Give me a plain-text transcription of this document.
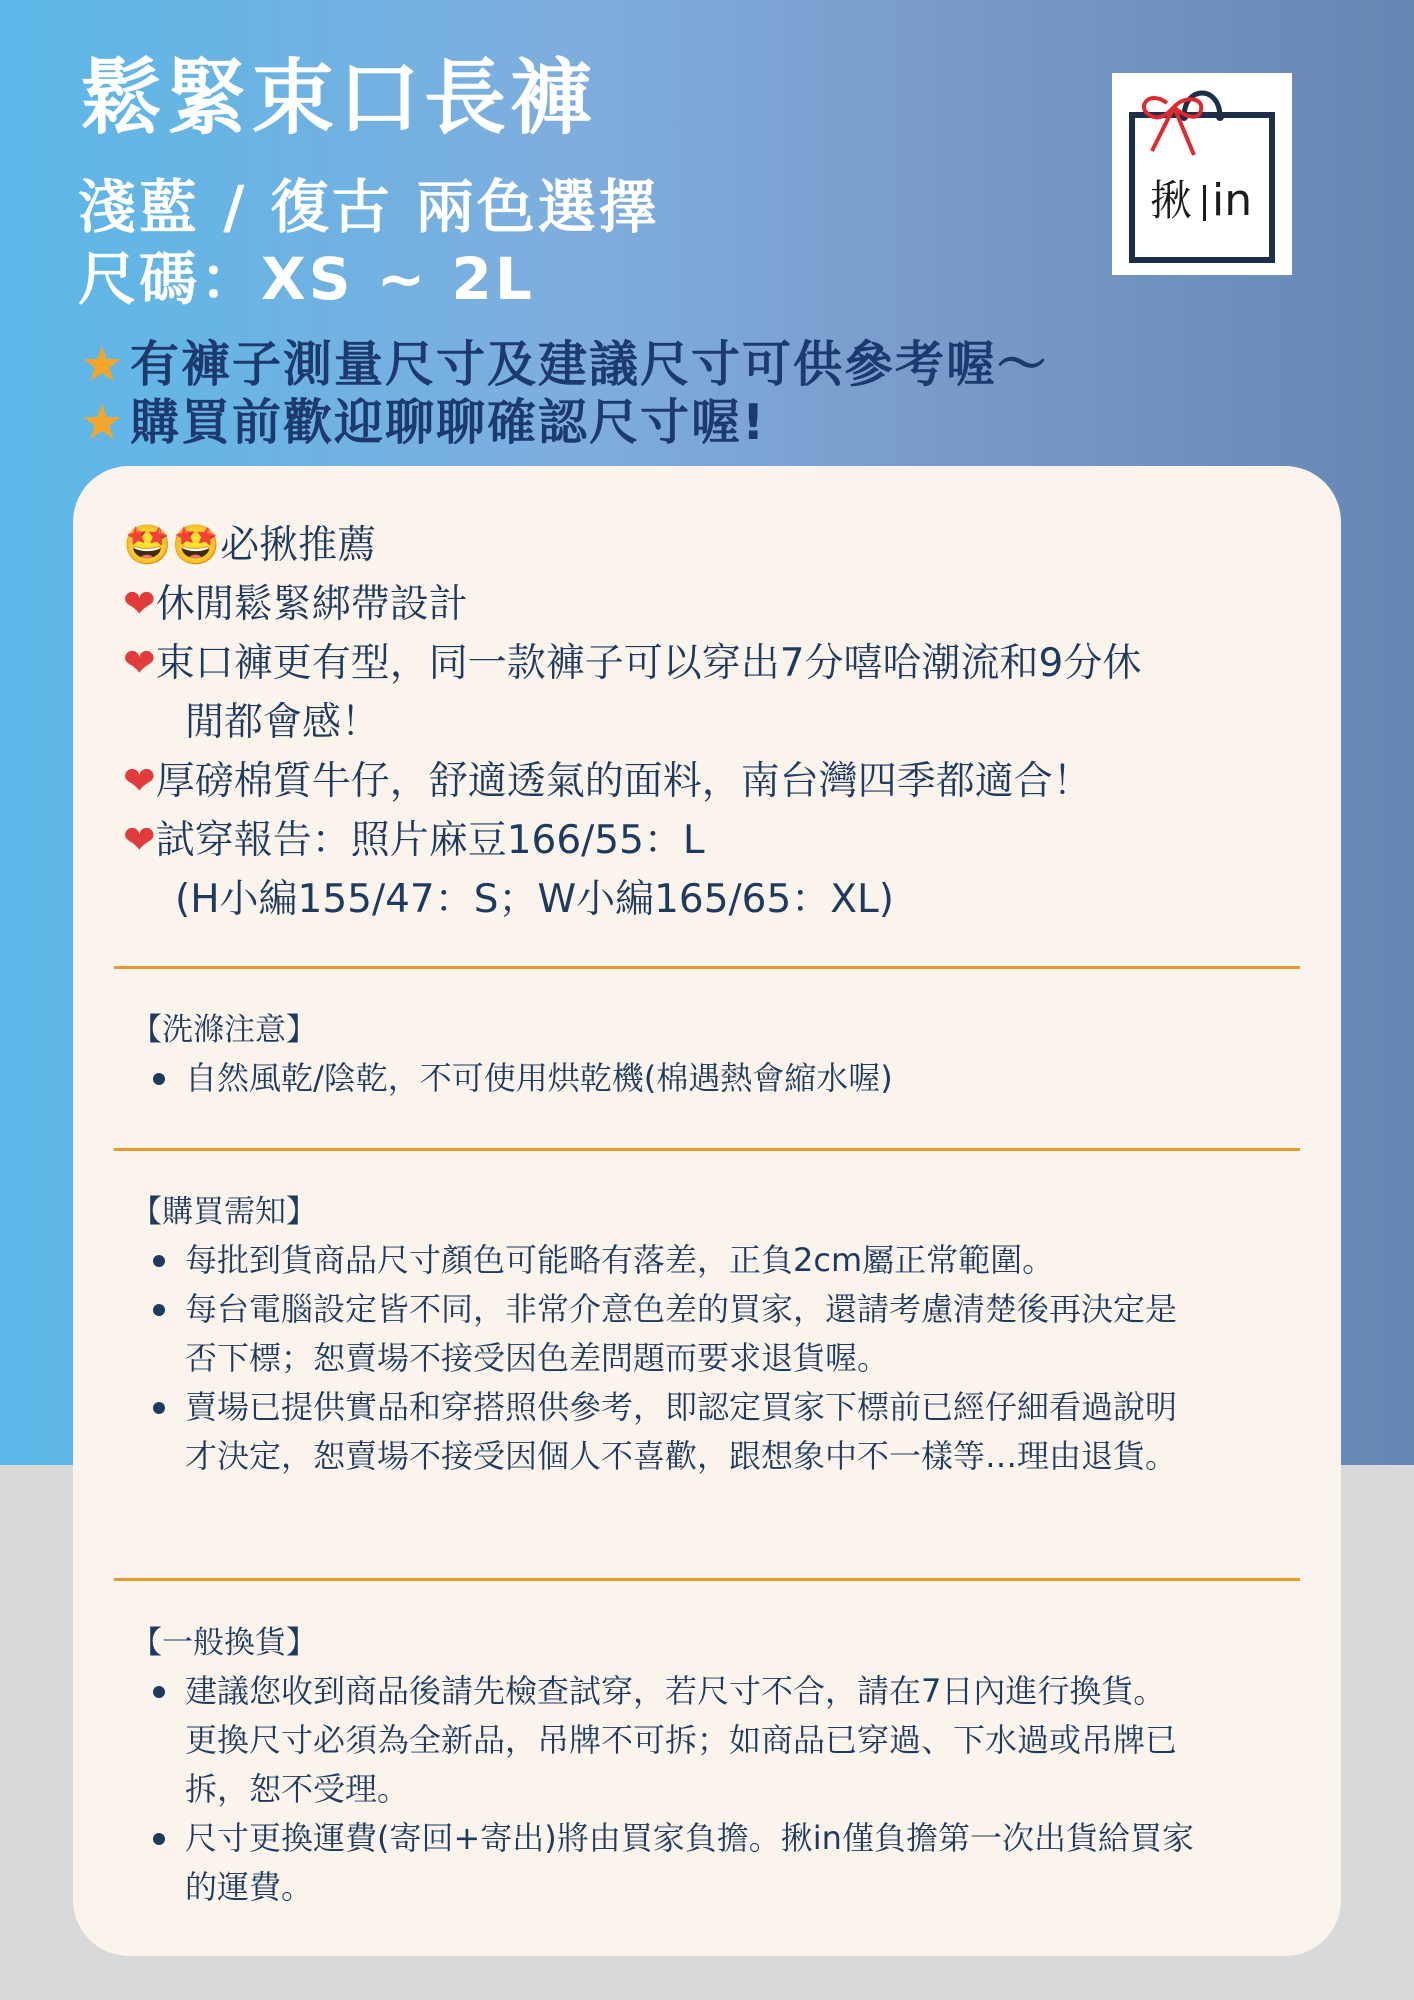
鬆緊束口長褲
淺藍 / 復古 兩色選擇
尺碼：XS ~ 2L
★有褲子測量尺寸及建議尺寸可供參考喔～
★購買前歡迎聊聊確認尺寸喔!
揪 in
🤩🤩必揪推薦
❤休閒鬆緊綁帶設計
❤束口褲更有型，同一款褲子可以穿出7分嘻哈潮流和9分休
閒都會感！
❤厚磅棉質牛仔，舒適透氣的面料，南台灣四季都適合！
❤試穿報告：照片麻豆166/55：L
(H小編155/47：S；W小編165/65：XL)
【洗滌注意】
自然風乾/陰乾，不可使用烘乾機(棉遇熱會縮水喔)
【購買需知】
每批到貨商品尺寸顏色可能略有落差，正負2cm屬正常範圍。
每台電腦設定皆不同，非常介意色差的買家，還請考慮清楚後再決定是
否下標；恕賣場不接受因色差問題而要求退貨喔。
賣場已提供實品和穿搭照供參考，即認定買家下標前已經仔細看過說明
才決定，恕賣場不接受因個人不喜歡，跟想象中不一樣等…理由退貨。
【一般換貨】
建議您收到商品後請先檢查試穿，若尺寸不合，請在7日內進行換貨。
更換尺寸必須為全新品，吊牌不可拆；如商品已穿過、下水過或吊牌已
拆，恕不受理。
尺寸更換運費(寄回+寄出)將由買家負擔。揪in僅負擔第一次出貨給買家
的運費。
